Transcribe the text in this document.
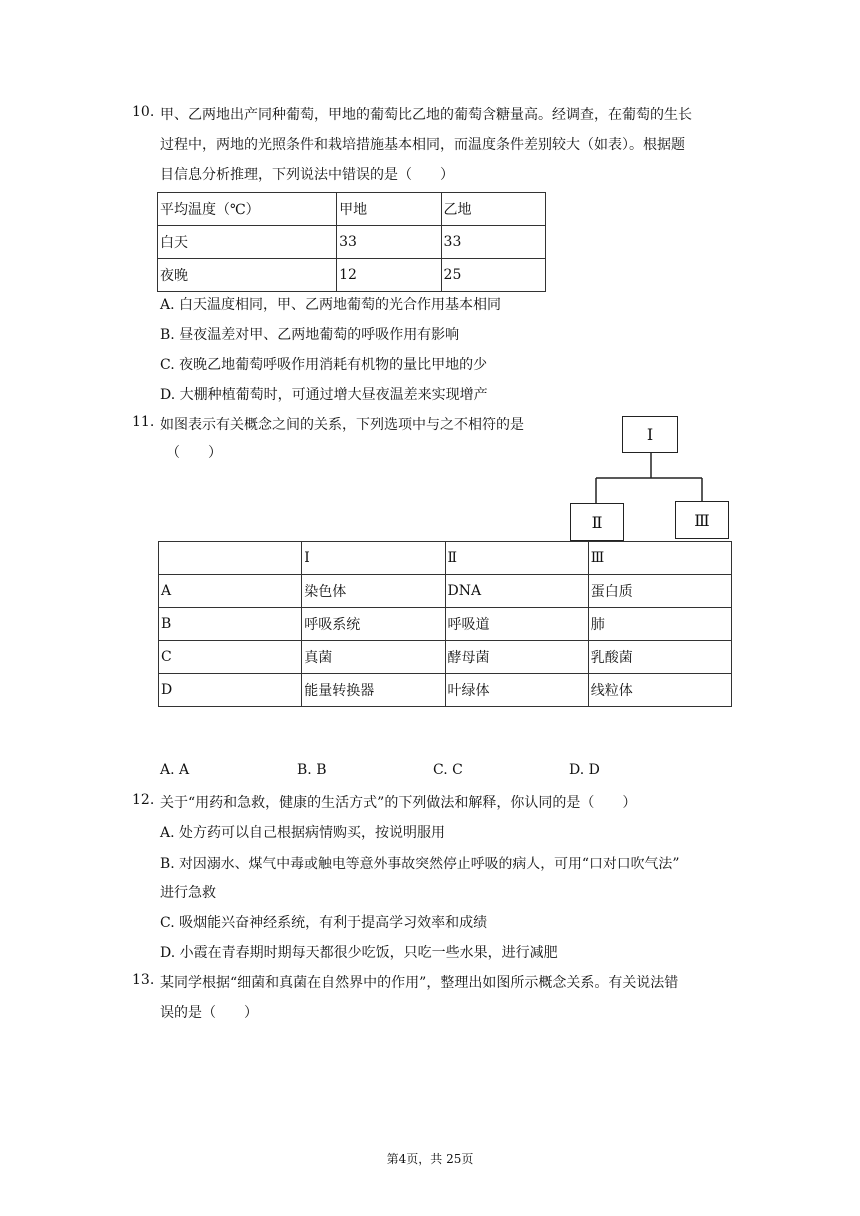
10. 甲、乙两地出产同种葡萄，甲地的葡萄比乙地的葡萄含糖量高。经调查，在葡萄的生长
过程中，两地的光照条件和栽培措施基本相同，而温度条件差别较大（如表）。根据题
目信息分析推理，下列说法中错误的是（　　）
平均温度（℃）	甲地	乙地
白天	33	33
夜晚	12	25
A. 白天温度相同，甲、乙两地葡萄的光合作用基本相同
B. 昼夜温差对甲、乙两地葡萄的呼吸作用有影响
C. 夜晚乙地葡萄呼吸作用消耗有机物的量比甲地的少
D. 大棚种植葡萄时，可通过增大昼夜温差来实现增产
11. 如图表示有关概念之间的关系，下列选项中与之不相符的是
（　　）
Ⅰ
Ⅱ	Ⅲ
	Ⅰ	Ⅱ	Ⅲ
A	染色体	DNA	蛋白质
B	呼吸系统	呼吸道	肺
C	真菌	酵母菌	乳酸菌
D	能量转换器	叶绿体	线粒体
A. A	B. B	C. C	D. D
12. 关于“用药和急救，健康的生活方式”的下列做法和解释，你认同的是（　　）
A. 处方药可以自己根据病情购买，按说明服用
B. 对因溺水、煤气中毒或触电等意外事故突然停止呼吸的病人，可用“口对口吹气法”
进行急救
C. 吸烟能兴奋神经系统，有利于提高学习效率和成绩
D. 小霞在青春期时期每天都很少吃饭，只吃一些水果，进行减肥
13. 某同学根据“细菌和真菌在自然界中的作用”，整理出如图所示概念关系。有关说法错
误的是（　　）
第4页，共 25页
